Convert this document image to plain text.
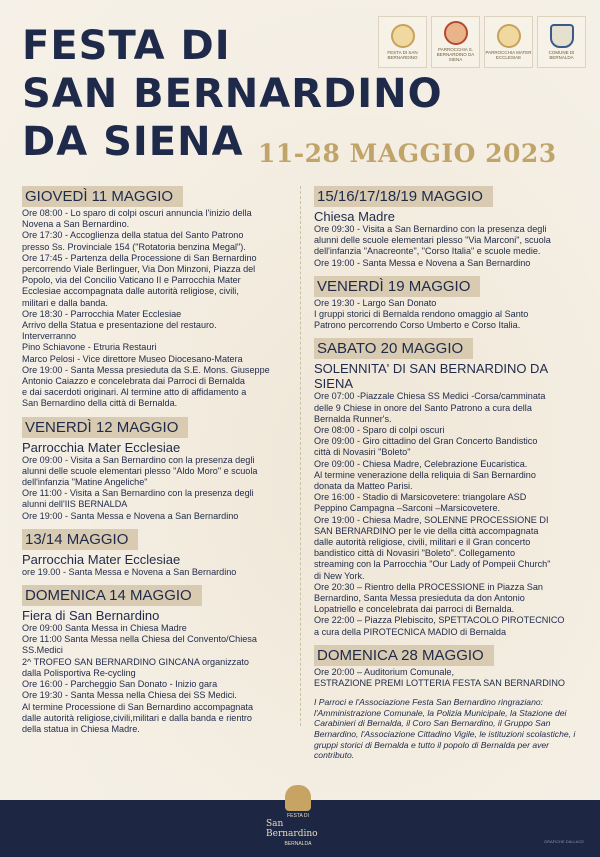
FESTA DI
SAN BERNARDINO
DA SIENA 11-28 MAGGIO 2023
FESTA DI SAN BERNARDINO
PARROCCHIA S. BERNARDINO DA SIENA
PARROCCHIA MATER ECCLESIAE
COMUNE DI BERNALDA
GIOVEDÌ 11 MAGGIO
Ore 08:00 - Lo sparo di colpi oscuri annuncia l'inizio della
Novena a San Bernardino.
Ore 17:30 - Accoglienza della statua del Santo Patrono
presso Ss. Provinciale 154 ("Rotatoria benzina Megal").
Ore 17:45 - Partenza della Processione di San Bernardino
percorrendo Viale Berlinguer, Via Don Minzoni, Piazza del
Popolo, via del Concilio Vaticano II e Parrocchia Mater
Ecclesiae accompagnata dalle autorità religiose, civili,
militari e dalla banda.
Ore 18:30 - Parrocchia Mater Ecclesiae
Arrivo della Statua e presentazione del restauro.
Interverranno
Pino Schiavone - Etruria Restauri
Marco Pelosi - Vice direttore Museo Diocesano-Matera
Ore 19:00 - Santa Messa presieduta da S.E. Mons. Giuseppe
Antonio Caiazzo e concelebrata dai Parroci di Bernalda
e dai sacerdoti originari. Al termine atto di affidamento a
San Bernardino della città di Bernalda.
VENERDÌ 12 MAGGIO
Parrocchia Mater Ecclesiae
Ore 09:00 - Visita a San Bernardino con la presenza degli
alunni delle scuole elementari plesso "Aldo Moro" e scuola
dell'infanzia "Matine Angeliche"
Ore 11:00 - Visita a San Bernardino con la presenza degli
alunni dell'IIS BERNALDA
Ore 19:00 - Santa Messa e Novena a San Bernardino
13/14 MAGGIO
Parrocchia Mater Ecclesiae
ore 19.00 - Santa Messa e Novena a San Bernardino
DOMENICA 14 MAGGIO
Fiera di San Bernardino
Ore 09:00 Santa Messa in Chiesa Madre
Ore 11:00 Santa Messa nella Chiesa del Convento/Chiesa
SS.Medici
2^ TROFEO SAN BERNARDINO GINCANA organizzato
dalla Polisportiva Re-cycling
Ore 16:00 - Parcheggio San Donato - Inizio gara
Ore 19:30 - Santa Messa nella Chiesa dei SS Medici.
Al termine Processione di San Bernardino accompagnata
dalle autorità religiose,civili,militari e dalla banda e rientro
della statua in Chiesa Madre.
15/16/17/18/19 MAGGIO
Chiesa Madre
Ore 09:30 - Visita a San Bernardino con la presenza degli
alunni delle scuole elementari plesso "Via Marconi", scuola
dell'infanzia "Anacreonte", "Corso Italia" e scuole medie.
Ore 19:00 - Santa Messa e Novena a San Bernardino
VENERDÌ 19 MAGGIO
Ore 19:30 - Largo San Donato
I gruppi storici di Bernalda rendono omaggio al Santo
Patrono percorrendo Corso Umberto e Corso Italia.
SABATO 20 MAGGIO
SOLENNITA' DI SAN BERNARDINO DA SIENA
Ore 07:00 -Piazzale Chiesa SS Medici -Corsa/camminata
delle 9 Chiese in onore del Santo Patrono a cura della
Bernalda Runner's.
Ore 08:00 - Sparo di colpi oscuri
Ore 09:00 - Giro cittadino del Gran Concerto Bandistico
città di Novasiri "Boleto"
Ore 09:00 - Chiesa Madre, Celebrazione Eucaristica.
Al termine venerazione della reliquia di San Bernardino
donata da Matteo Parisi.
Ore 16:00 - Stadio di Marsicovetere: triangolare ASD
Peppino Campagna –Sarconi –Marsicovetere.
Ore 19:00 - Chiesa Madre, SOLENNE PROCESSIONE DI
SAN BERNARDINO per le vie della città accompagnata
dalle autorità religiose, civili, militari e il Gran concerto
bandistico città di Novasiri "Boleto". Collegamento
streaming con la Parrocchia "Our Lady of Pompeii Church"
di New York.
Ore 20:30 – Rientro della PROCESSIONE in Piazza San
Bernardino, Santa Messa presieduta da don Antonio
Lopatriello e concelebrata dai parroci di Bernalda.
Ore 22:00 – Piazza Plebiscito, SPETTACOLO PIROTECNICO
a cura della PIROTECNICA MADIO di Bernalda
DOMENICA 28 MAGGIO
Ore 20:00 – Auditorium Comunale,
ESTRAZIONE PREMI LOTTERIA FESTA SAN BERNARDINO
I Parroci e l'Associazione Festa San Bernardino ringraziano: l'Amministrazione Comunale, la Polizia Municipale, la Stazione dei Carabinieri di Bernalda, il Coro San Bernardino, il Gruppo San Bernardino, l'Associazione Cittadino Vigile, le istituzioni scolastiche, i gruppi storici di Bernalda e tutto il popolo di Bernalda per aver contributo.
FESTA DI
San Bernardino
BERNALDA	GRAFICHE DALLACE
